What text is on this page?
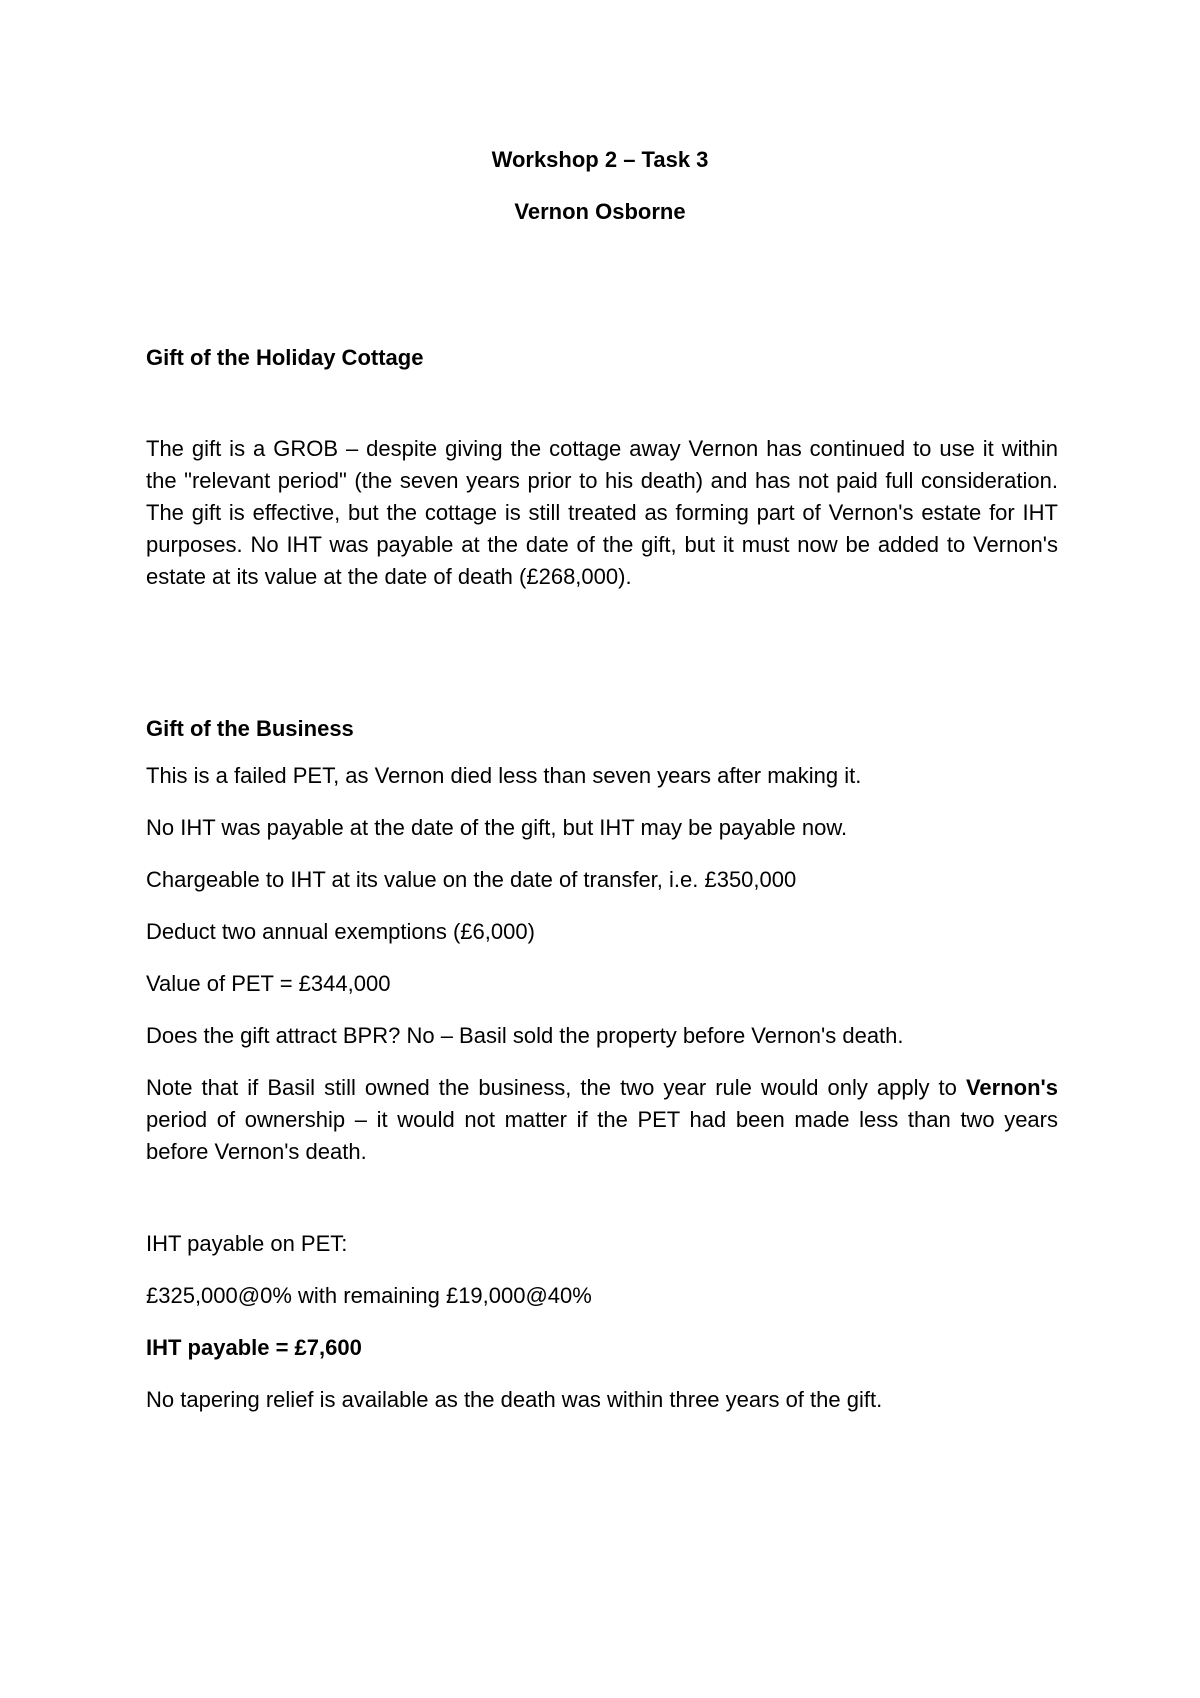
Workshop 2 – Task 3

Vernon Osborne

Gift of the Holiday Cottage

The gift is a GROB – despite giving the cottage away Vernon has continued to use it within the "relevant period" (the seven years prior to his death) and has not paid full consideration. The gift is effective, but the cottage is still treated as forming part of Vernon's estate for IHT purposes. No IHT was payable at the date of the gift, but it must now be added to Vernon's estate at its value at the date of death (£268,000).

Gift of the Business

This is a failed PET, as Vernon died less than seven years after making it.

No IHT was payable at the date of the gift, but IHT may be payable now.

Chargeable to IHT at its value on the date of transfer, i.e. £350,000

Deduct two annual exemptions (£6,000)

Value of PET = £344,000

Does the gift attract BPR? No – Basil sold the property before Vernon's death.

Note that if Basil still owned the business, the two year rule would only apply to Vernon's period of ownership – it would not matter if the PET had been made less than two years before Vernon's death.

IHT payable on PET:

£325,000@0% with remaining £19,000@40%

IHT payable = £7,600

No tapering relief is available as the death was within three years of the gift.
